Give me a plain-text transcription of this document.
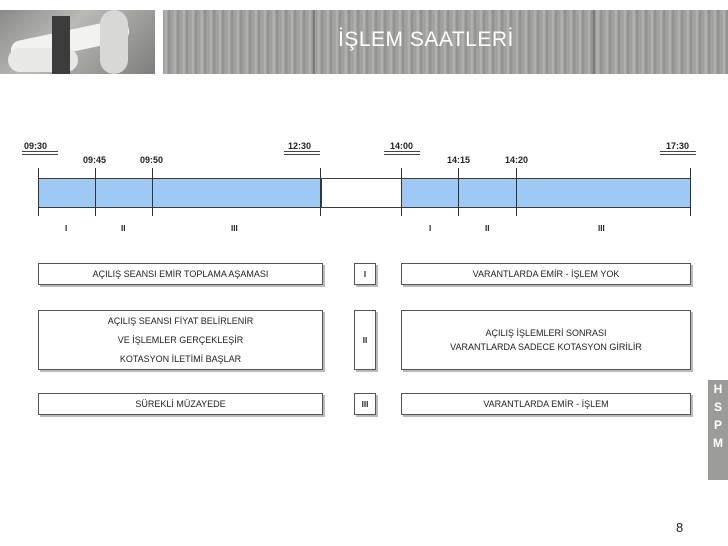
İŞLEM SAATLERİ
09:30	12:30	14:00	17:30
09:45	09:50	14:15	14:20
I	II	III	I	II	III
AÇILIŞ SEANSI EMİR TOPLAMA AŞAMASI	I	VARANTLARDA EMİR - İŞLEM YOK
AÇILIŞ SEANSI FİYAT BELİRLENİR
VE İŞLEMLER GERÇEKLEŞİR
KOTASYON İLETİMİ BAŞLAR
II
AÇILIŞ İŞLEMLERİ SONRASI
VARANTLARDA SADECE KOTASYON GİRİLİR
SÜREKLİ MÜZAYEDE	III	VARANTLARDA EMİR - İŞLEM
H
S
P
M
8
